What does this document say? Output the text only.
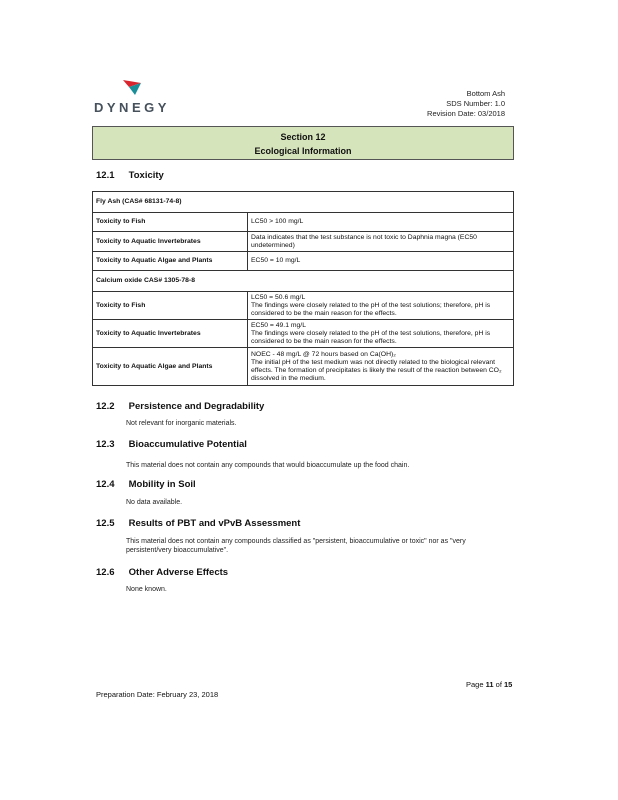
DYNEGY
Bottom Ash
SDS Number: 1.0
Revision Date: 03/2018
Section 12
Ecological Information
12.1 Toxicity
Fly Ash (CAS# 68131-74-8)	
Toxicity to Fish	LC50 > 100 mg/L
Toxicity to Aquatic Invertebrates	Data indicates that the test substance is not toxic to Daphnia magna (EC50 undetermined)
Toxicity to Aquatic Algae and Plants	EC50 = 10 mg/L
Calcium oxide CAS# 1305-78-8	
Toxicity to Fish	LC50 = 50.6 mg/L
The findings were closely related to the pH of the test solutions; therefore, pH is considered to be the main reason for the effects.

Toxicity to Aquatic Invertebrates	EC50 = 49.1 mg/L
The findings were closely related to the pH of the test solutions, therefore, pH is considered to be the main reason for the effects.

Toxicity to Aquatic Algae and Plants	NOEC - 48 mg/L @ 72 hours based on Ca(OH)₂
The initial pH of the test medium was not directly related to the biological relevant effects. The formation of precipitates is likely the result of the reaction between CO₂ dissolved in the medium.
12.2 Persistence and Degradability
Not relevant for inorganic materials.
12.3 Bioaccumulative Potential
This material does not contain any compounds that would bioaccumulate up the food chain.
12.4 Mobility in Soil
No data available.
12.5 Results of PBT and vPvB Assessment
This material does not contain any compounds classified as "persistent, bioaccumulative or toxic" nor as "very persistent/very bioaccumulative".
12.6 Other Adverse Effects
None known.
Page 11 of 15
Preparation Date: February 23, 2018
